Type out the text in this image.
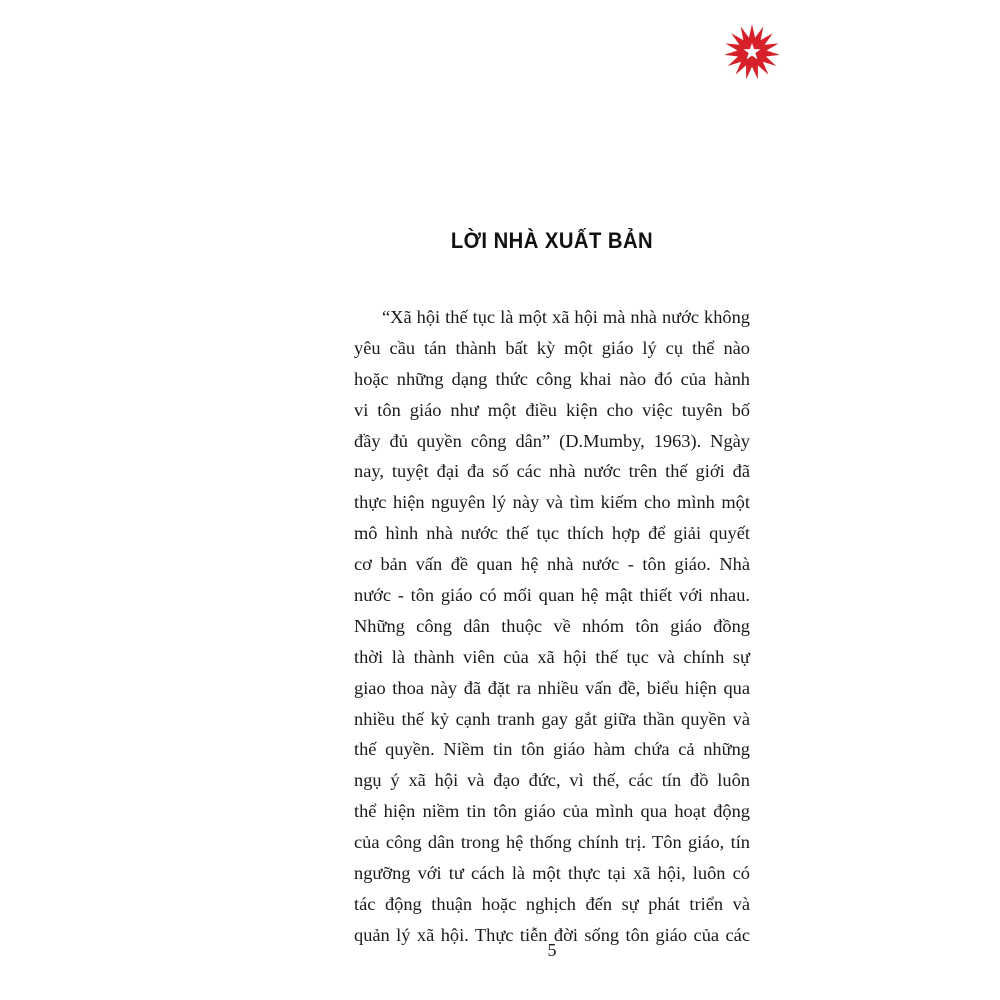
LỜI NHÀ XUẤT BẢN
“Xã hội thế tục là một xã hội mà nhà nước không
yêu cầu tán thành bất kỳ một giáo lý cụ thể nào
hoặc những dạng thức công khai nào đó của hành
vi tôn giáo như một điều kiện cho việc tuyên bố
đầy đủ quyền công dân” (D.Mumby, 1963). Ngày
nay, tuyệt đại đa số các nhà nước trên thế giới đã
thực hiện nguyên lý này và tìm kiếm cho mình một
mô hình nhà nước thế tục thích hợp để giải quyết
cơ bản vấn đề quan hệ nhà nước - tôn giáo. Nhà
nước - tôn giáo có mối quan hệ mật thiết với nhau.
Những công dân thuộc về nhóm tôn giáo đồng
thời là thành viên của xã hội thế tục và chính sự
giao thoa này đã đặt ra nhiều vấn đề, biểu hiện qua
nhiều thế kỷ cạnh tranh gay gắt giữa thần quyền và
thế quyền. Niềm tin tôn giáo hàm chứa cả những
ngụ ý xã hội và đạo đức, vì thế, các tín đồ luôn
thể hiện niềm tin tôn giáo của mình qua hoạt động
của công dân trong hệ thống chính trị. Tôn giáo, tín
ngưỡng với tư cách là một thực tại xã hội, luôn có
tác động thuận hoặc nghịch đến sự phát triển và
quản lý xã hội. Thực tiễn đời sống tôn giáo của các
5
